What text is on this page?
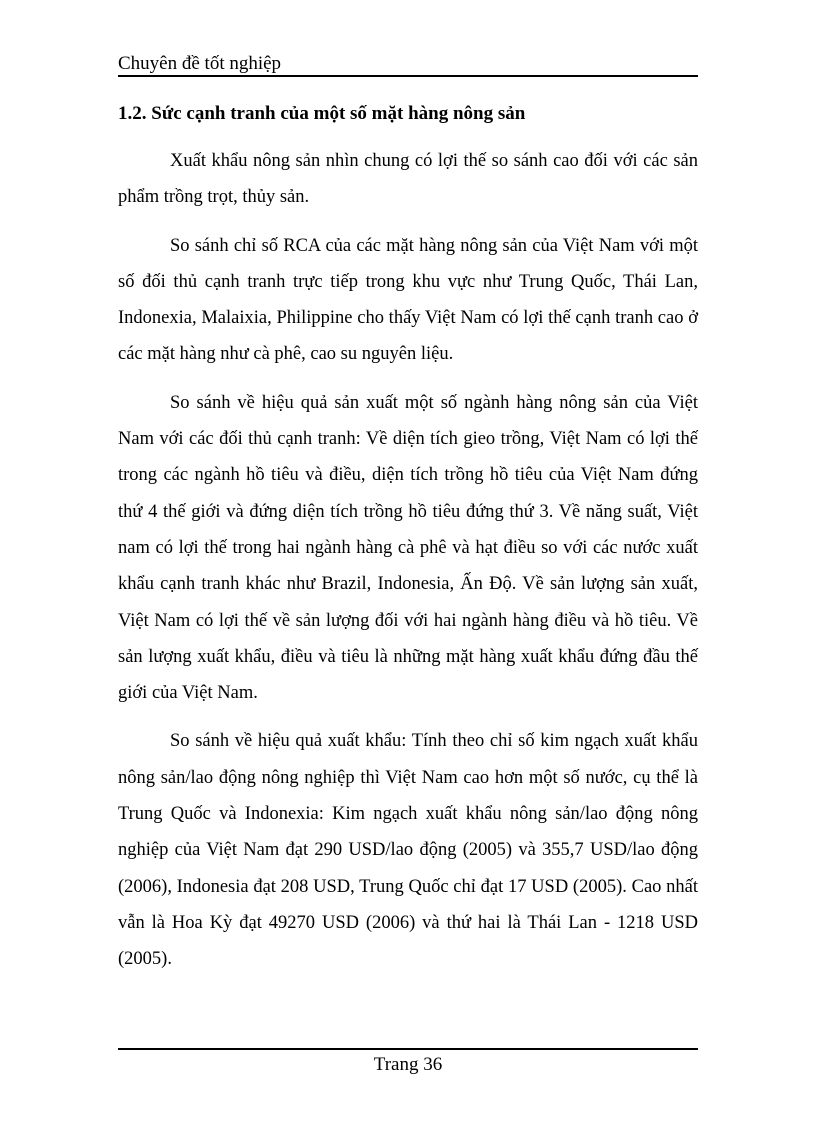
Chuyên đề tốt nghiệp
1.2. Sức cạnh tranh của một số mặt hàng nông sản

Xuất khẩu nông sản nhìn chung có lợi thế so sánh cao đối với các sản phẩm trồng trọt, thủy sản.

So sánh chỉ số RCA của các mặt hàng nông sản của Việt Nam với một số đối thủ cạnh tranh trực tiếp trong khu vực như Trung Quốc, Thái Lan, Indonexia, Malaixia, Philippine cho thấy Việt Nam có lợi thế cạnh tranh cao ở các mặt hàng như cà phê, cao su nguyên liệu.

So sánh về hiệu quả sản xuất một số ngành hàng nông sản của Việt Nam với các đối thủ cạnh tranh: Về diện tích gieo trồng, Việt Nam có lợi thế trong các ngành hồ tiêu và điều, diện tích trồng hồ tiêu của Việt Nam đứng thứ 4 thế giới và đứng diện tích trồng hồ tiêu đứng thứ 3. Về năng suất, Việt nam có lợi thế trong hai ngành hàng cà phê và hạt điều so với các nước xuất khẩu cạnh tranh khác như Brazil, Indonesia, Ấn Độ. Về sản lượng sản xuất, Việt Nam có lợi thế về sản lượng đối với hai ngành hàng điều và hồ tiêu. Về sản lượng xuất khẩu, điều và tiêu là những mặt hàng xuất khẩu đứng đầu thế giới của Việt Nam.

So sánh về hiệu quả xuất khẩu: Tính theo chỉ số kim ngạch xuất khẩu nông sản/lao động nông nghiệp thì Việt Nam cao hơn một số nước, cụ thể là Trung Quốc và Indonexia: Kim ngạch xuất khẩu nông sản/lao động nông nghiệp của Việt Nam đạt 290 USD/lao động (2005) và 355,7 USD/lao động (2006), Indonesia đạt 208 USD, Trung Quốc chỉ đạt 17 USD (2005). Cao nhất vẫn là Hoa Kỳ đạt 49270 USD (2006) và thứ hai là Thái Lan - 1218 USD (2005).

Trang 36
